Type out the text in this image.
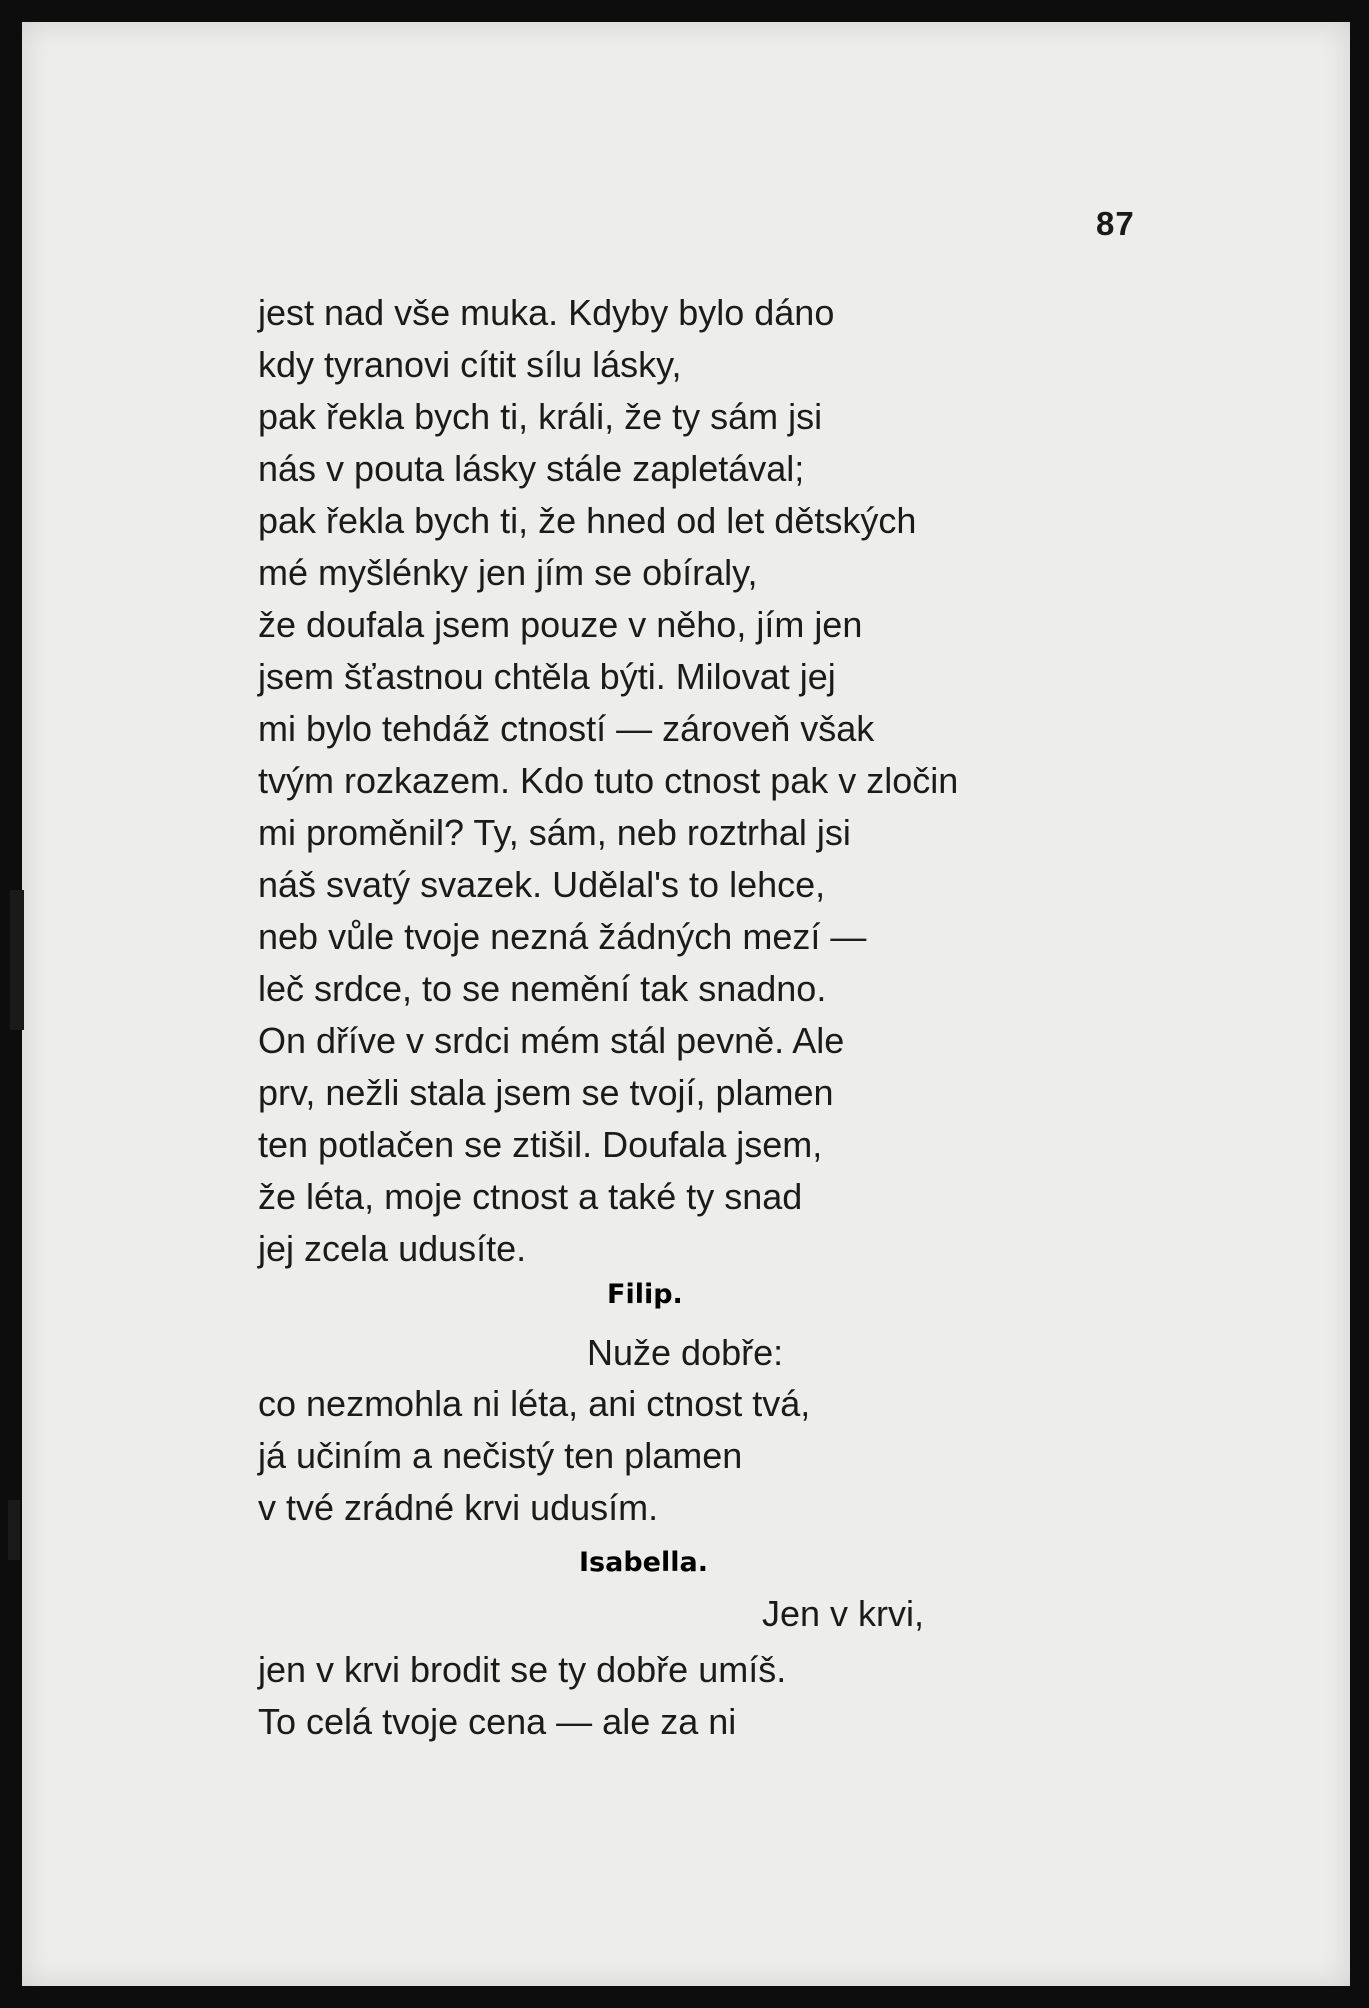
87
jest nad vše muka. Kdyby bylo dáno
kdy tyranovi cítit sílu lásky,
pak řekla bych ti, králi, že ty sám jsi
nás v pouta lásky stále zapletával;
pak řekla bych ti, že hned od let dětských
mé myšlénky jen jím se obíraly,
že doufala jsem pouze v něho, jím jen
jsem šťastnou chtěla býti. Milovat jej
mi bylo tehdáž ctností — zároveň však
tvým rozkazem. Kdo tuto ctnost pak v zločin
mi proměnil? Ty, sám, neb roztrhal jsi
náš svatý svazek. Udělal's to lehce,
neb vůle tvoje nezná žádných mezí —
leč srdce, to se nemění tak snadno.
On dříve v srdci mém stál pevně. Ale
prv, nežli stala jsem se tvojí, plamen
ten potlačen se ztišil. Doufala jsem,
že léta, moje ctnost a také ty snad
jej zcela udusíte.
Filip.
Nuže dobře:
co nezmohla ni léta, ani ctnost tvá,
já učiním a nečistý ten plamen
v tvé zrádné krvi udusím.
Isabella.
Jen v krvi,
jen v krvi brodit se ty dobře umíš.
To celá tvoje cena — ale za ni
